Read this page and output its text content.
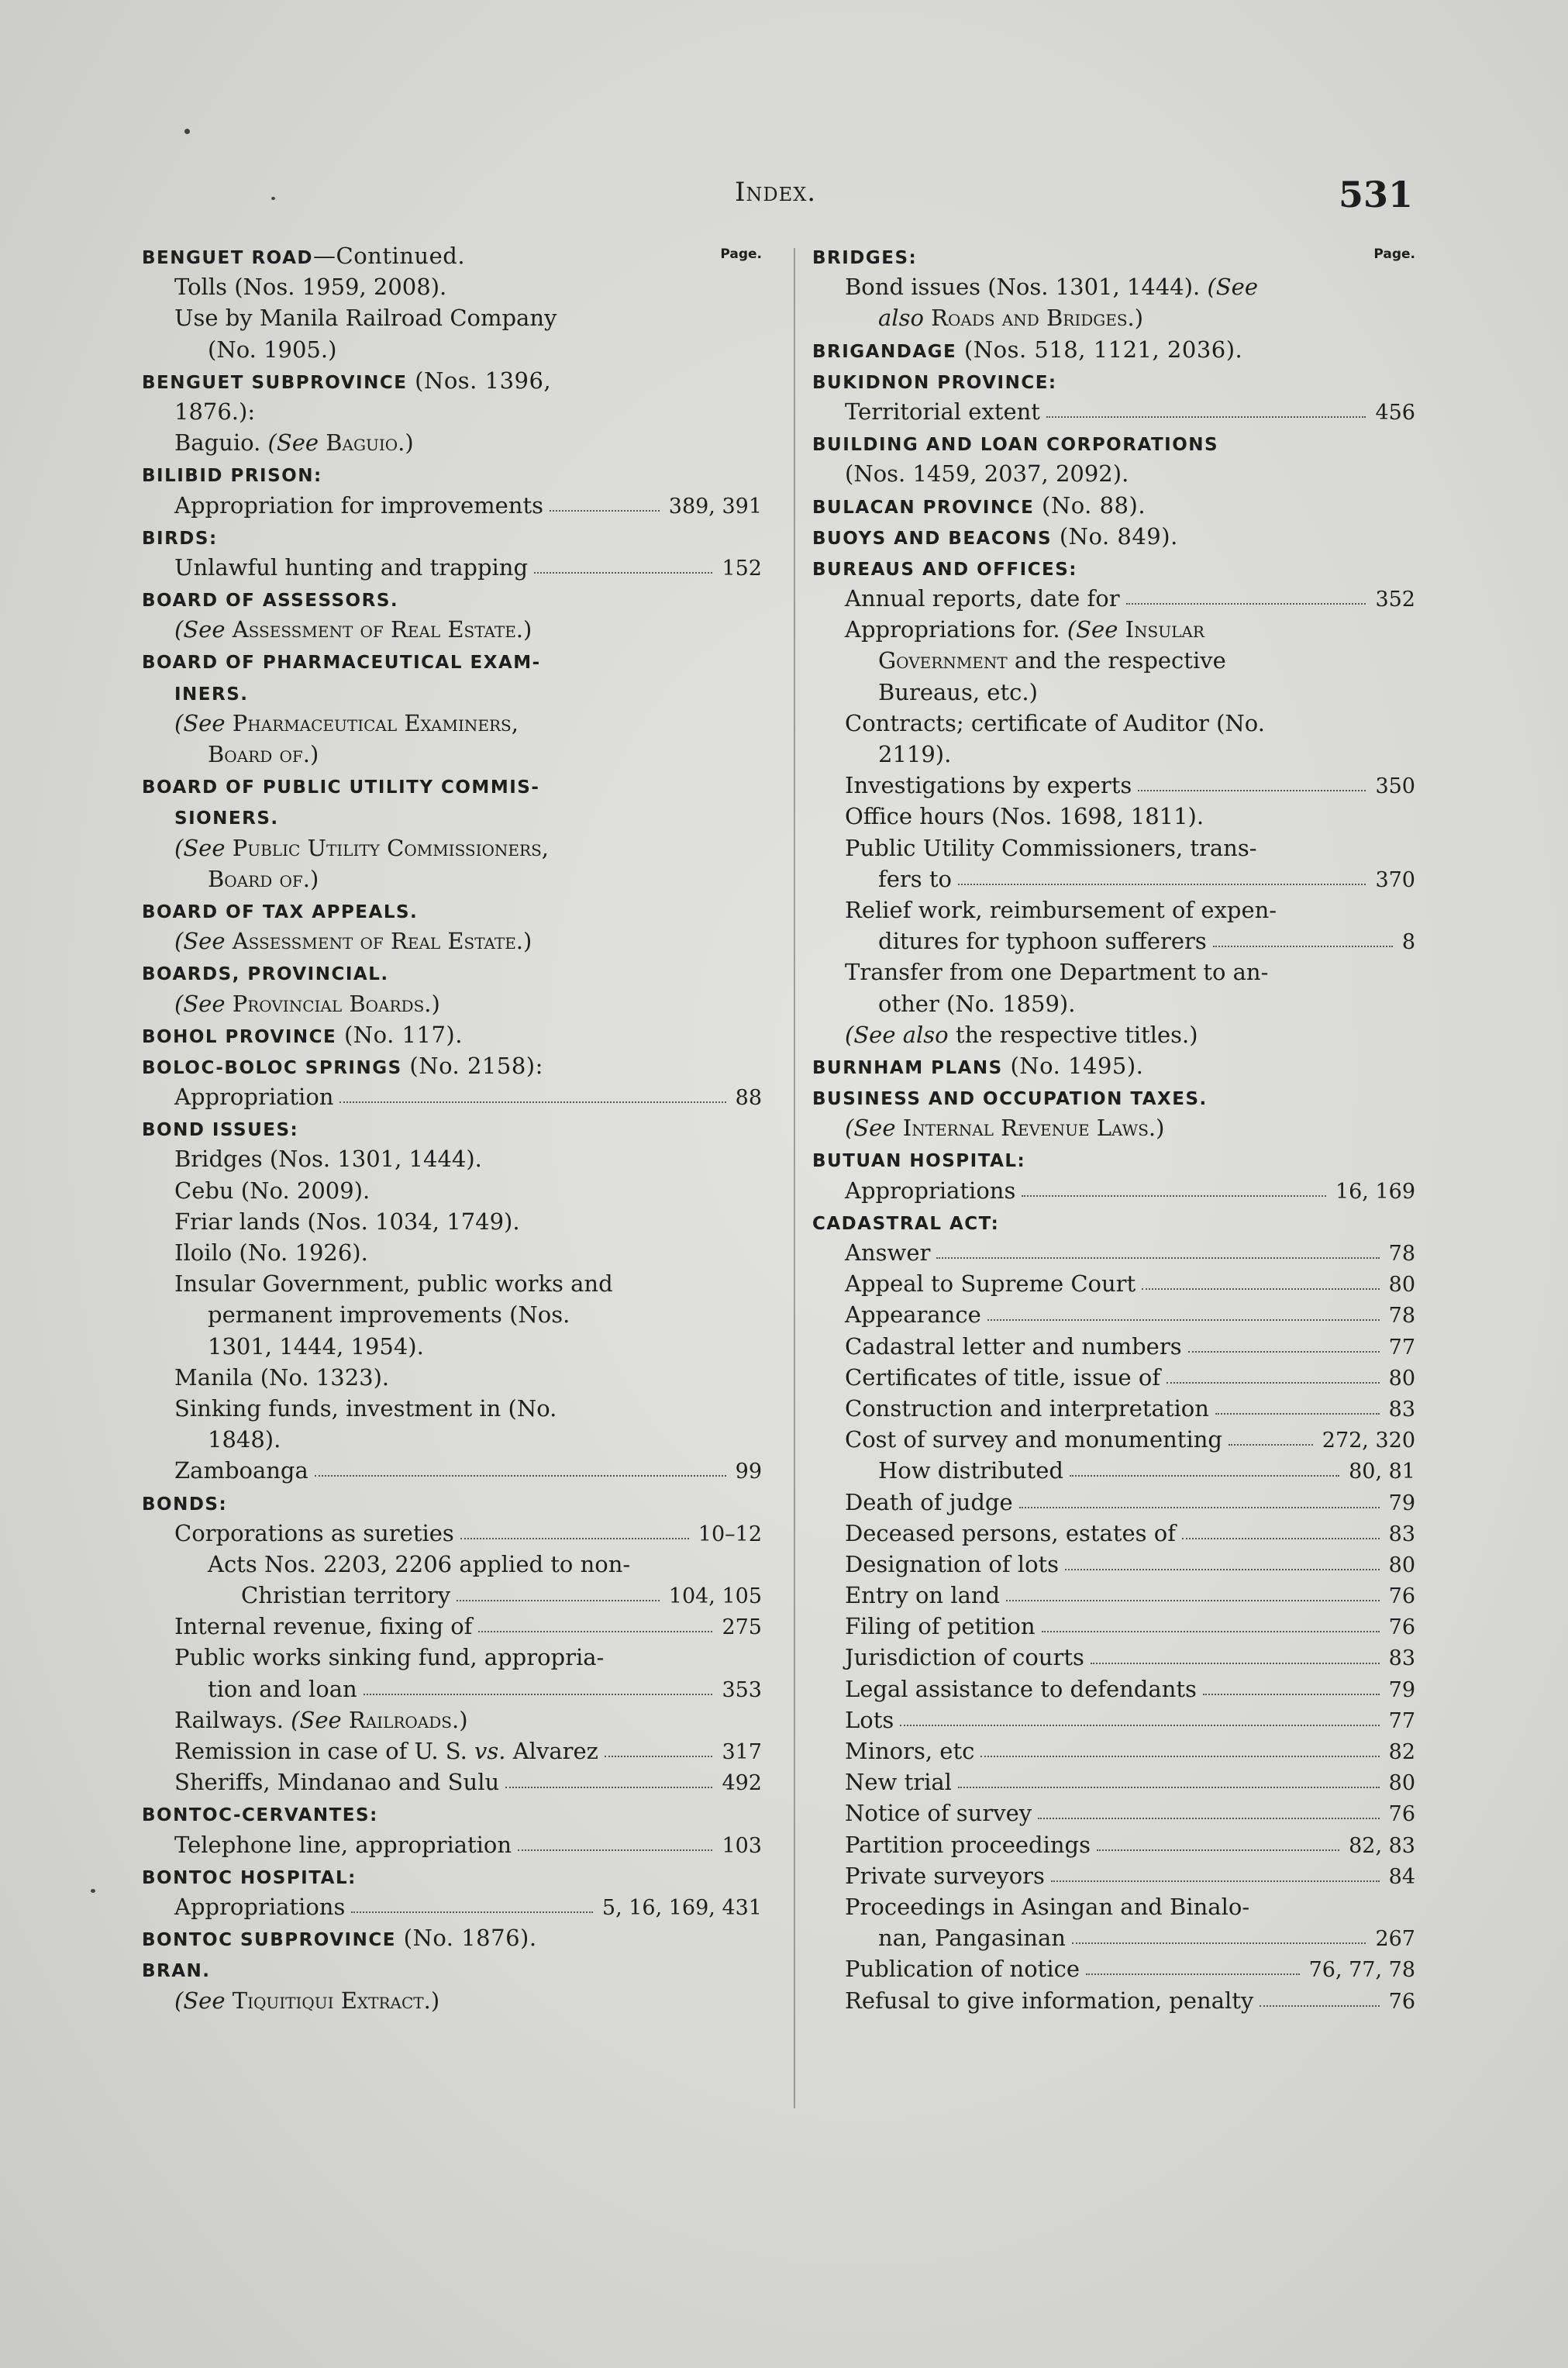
Index.	531
Page.
BENGUET ROAD—Continued.
Tolls (Nos. 1959, 2008).
Use by Manila Railroad Company
(No. 1905.)
BENGUET SUBPROVINCE (Nos. 1396,
1876.):
Baguio. (See Baguio.)
BILIBID PRISON:
Appropriation for improvements	389, 391
BIRDS:
Unlawful hunting and trapping	152
BOARD OF ASSESSORS.
(See Assessment of Real Estate.)
BOARD OF PHARMACEUTICAL EXAM-
INERS.
(See Pharmaceutical Examiners,
Board of.)
BOARD OF PUBLIC UTILITY COMMIS-
SIONERS.
(See Public Utility Commissioners,
Board of.)
BOARD OF TAX APPEALS.
(See Assessment of Real Estate.)
BOARDS, PROVINCIAL.
(See Provincial Boards.)
BOHOL PROVINCE (No. 117).
BOLOC-BOLOC SPRINGS (No. 2158):
Appropriation	88
BOND ISSUES:
Bridges (Nos. 1301, 1444).
Cebu (No. 2009).
Friar lands (Nos. 1034, 1749).
Iloilo (No. 1926).
Insular Government, public works and
permanent improvements (Nos.
1301, 1444, 1954).
Manila (No. 1323).
Sinking funds, investment in (No.
1848).
Zamboanga	99
BONDS:
Corporations as sureties	10–12
Acts Nos. 2203, 2206 applied to non-
Christian territory	104, 105
Internal revenue, fixing of	275
Public works sinking fund, appropria-
tion and loan	353
Railways. (See Railroads.)
Remission in case of U. S. vs. Alvarez	317
Sheriffs, Mindanao and Sulu	492
BONTOC-CERVANTES:
Telephone line, appropriation	103
BONTOC HOSPITAL:
Appropriations	5, 16, 169, 431
BONTOC SUBPROVINCE (No. 1876).
BRAN.
(See Tiquitiqui Extract.)
Page.
BRIDGES:
Bond issues (Nos. 1301, 1444). (See
also Roads and Bridges.)
BRIGANDAGE (Nos. 518, 1121, 2036).
BUKIDNON PROVINCE:
Territorial extent	456
BUILDING AND LOAN CORPORATIONS
(Nos. 1459, 2037, 2092).
BULACAN PROVINCE (No. 88).
BUOYS AND BEACONS (No. 849).
BUREAUS AND OFFICES:
Annual reports, date for	352
Appropriations for. (See Insular
Government and the respective
Bureaus, etc.)
Contracts; certificate of Auditor (No.
2119).
Investigations by experts	350
Office hours (Nos. 1698, 1811).
Public Utility Commissioners, trans-
fers to	370
Relief work, reimbursement of expen-
ditures for typhoon sufferers	8
Transfer from one Department to an-
other (No. 1859).
(See also the respective titles.)
BURNHAM PLANS (No. 1495).
BUSINESS AND OCCUPATION TAXES.
(See Internal Revenue Laws.)
BUTUAN HOSPITAL:
Appropriations	16, 169
CADASTRAL ACT:
Answer	78
Appeal to Supreme Court	80
Appearance	78
Cadastral letter and numbers	77
Certificates of title, issue of	80
Construction and interpretation	83
Cost of survey and monumenting	272, 320
How distributed	80, 81
Death of judge	79
Deceased persons, estates of	83
Designation of lots	80
Entry on land	76
Filing of petition	76
Jurisdiction of courts	83
Legal assistance to defendants	79
Lots	77
Minors, etc	82
New trial	80
Notice of survey	76
Partition proceedings	82, 83
Private surveyors	84
Proceedings in Asingan and Binalo-
nan, Pangasinan	267
Publication of notice	76, 77, 78
Refusal to give information, penalty	76
